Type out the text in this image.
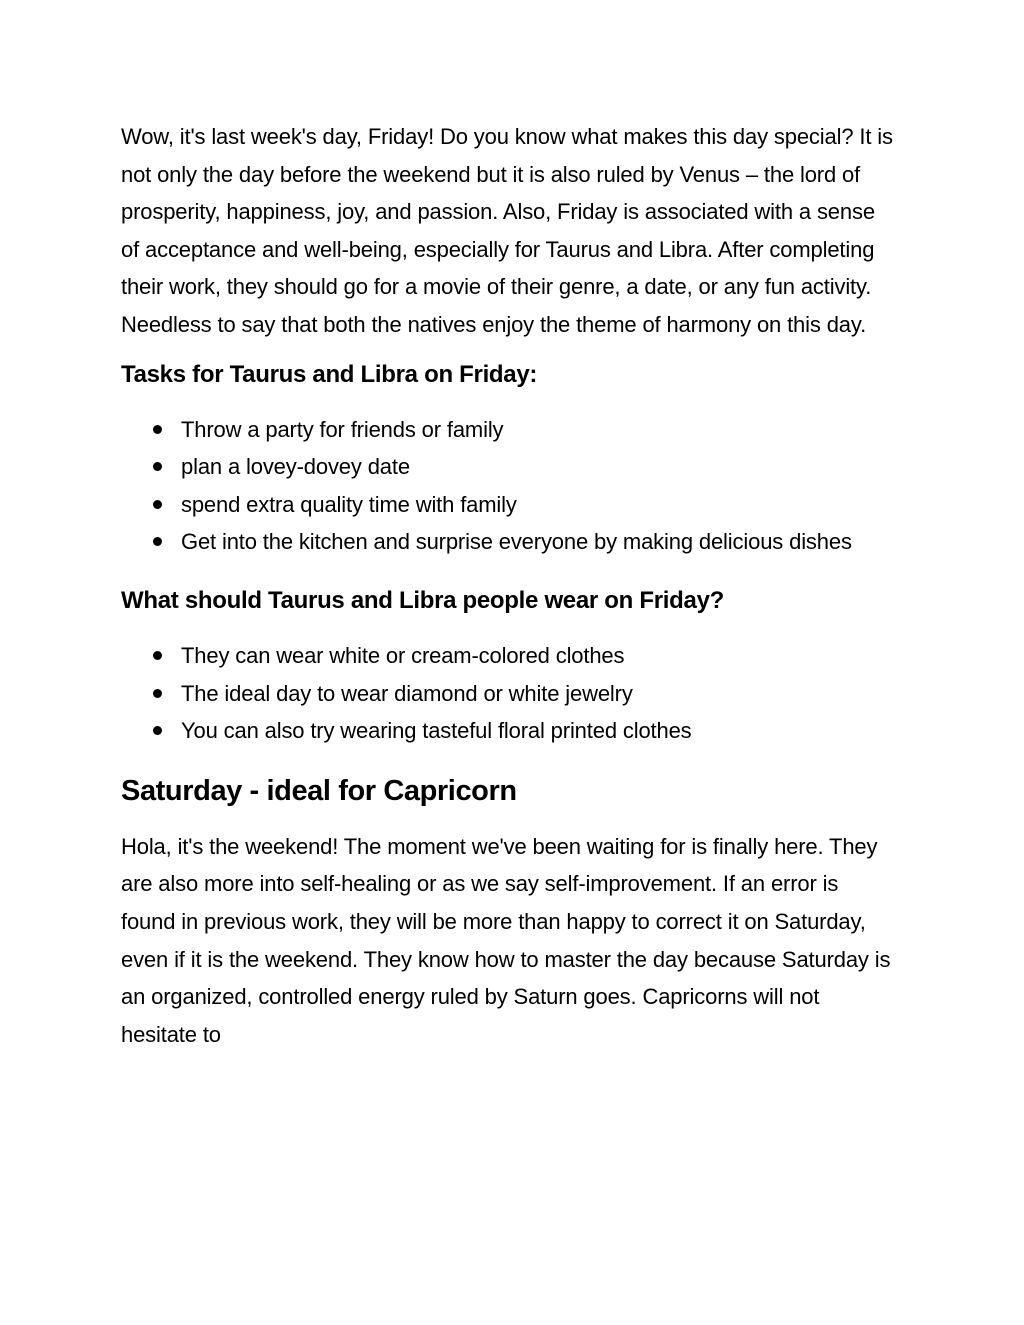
Wow, it's last week's day, Friday! Do you know what makes this day special? It is not only the day before the weekend but it is also ruled by Venus – the lord of prosperity, happiness, joy, and passion. Also, Friday is associated with a sense of acceptance and well-being, especially for Taurus and Libra. After completing their work, they should go for a movie of their genre, a date, or any fun activity. Needless to say that both the natives enjoy the theme of harmony on this day.

Tasks for Taurus and Libra on Friday:
Throw a party for friends or family
plan a lovey-dovey date
spend extra quality time with family
Get into the kitchen and surprise everyone by making delicious dishes
What should Taurus and Libra people wear on Friday?
They can wear white or cream-colored clothes
The ideal day to wear diamond or white jewelry
You can also try wearing tasteful floral printed clothes
Saturday - ideal for Capricorn

Hola, it's the weekend! The moment we've been waiting for is finally here. They are also more into self-healing or as we say self-improvement. If an error is found in previous work, they will be more than happy to correct it on Saturday, even if it is the weekend. They know how to master the day because Saturday is an organized, controlled energy ruled by Saturn goes. Capricorns will not hesitate to
